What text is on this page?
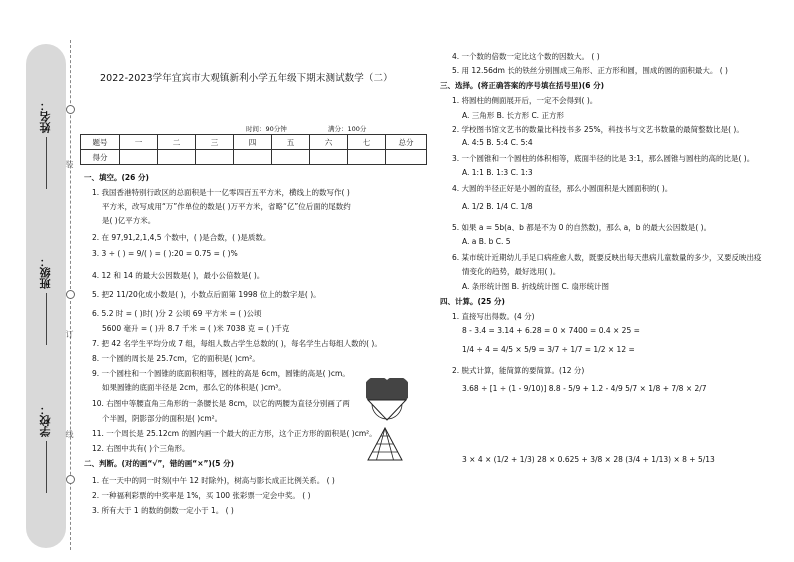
姓名：
班级：
学校：
装
订
线
2022-2023学年宜宾市大观镇新利小学五年级下期末测试数学（二）
时间：90分钟	满分：100分
题号	一	二	三	四	五	六	七	总分
得分								
一、填空。(26 分)
1. 我国香港特别行政区的总面积是十一亿零四百五平方米，横线上的数写作( )
平方米，改写成用“万”作单位的数是( )万平方米，省略“亿”位后面的尾数约
是( )亿平方米。
2. 在 97,91,2,1,4,5 个数中，( )是合数，( )是质数。
3. 3 ÷ ( ) = 9/( ) = ( ):20 = 0.75 = ( )%
4. 12 和 14 的最大公因数是( )，最小公倍数是( )。
5. 把2 11/20化成小数是( )，小数点后面第 1998 位上的数字是( )。
6. 5.2 时 = ( )时( )分 2 公顷 69 平方米 = ( )公顷
5600 毫升 = ( )升 8.7 千米 = ( )米 7038 克 = ( )千克
7. 把 42 名学生平均分成 7 组，每组人数占学生总数的( )，每名学生占每组人数的( )。
8. 一个圆的周长是 25.7cm，它的面积是( )cm²。
9. 一个圆柱和一个圆锥的底面积相等，圆柱的高是 6cm，圆锥的高是( )cm。
如果圆锥的底面半径是 2cm，那么它的体积是( )cm³。
10. 右图中等腰直角三角形的一条腰长是 8cm，以它的两腰为直径分别画了两
个半圆，阴影部分的面积是( )cm²。
11. 一个周长是 25.12cm 的圆内画一个最大的正方形，这个正方形的面积是( )cm²。
12. 右图中共有( )个三角形。
二、判断。(对的画“√”，错的画“×”)(5 分)
1. 在一天中的同一时刻(中午 12 时除外)，树高与影长成正比例关系。 ( )
2. 一种福利彩票的中奖率是 1%，买 100 张彩票一定会中奖。 ( )
3. 所有大于 1 的数的倒数一定小于 1。 ( )
4. 一个数的倍数一定比这个数的因数大。 ( )
5. 用 12.56dm 长的铁丝分别围成三角形、正方形和圆，围成的圆的面积最大。 ( )
三、选择。(将正确答案的序号填在括号里)(6 分)
1. 将圆柱的侧面展开后，一定不会得到( )。
A. 三角形 B. 长方形 C. 正方形
2. 学校图书馆文艺书的数量比科技书多 25%，科技书与文艺书数量的最简整数比是( )。
A. 4:5 B. 5:4 C. 5:4
3. 一个圆锥和一个圆柱的体积相等，底面半径的比是 3:1，那么圆锥与圆柱的高的比是( )。
A. 1:1 B. 1:3 C. 1:3
4. 大圆的半径正好是小圆的直径，那么小圆面积是大圆面积的( )。
A. 1/2 B. 1/4 C. 1/8
5. 如果 a = 5b(a、b 都是不为 0 的自然数)，那么 a，b 的最大公因数是( )。
A. a B. b C. 5
6. 某市统计近期幼儿手足口病痊愈人数，既要反映出每天患病儿童数量的多少，又要反映出疫
情变化的趋势，最好选用( )。
A. 条形统计图 B. 折线统计图 C. 扇形统计图
四、计算。(25 分)
1. 直接写出得数。(4 分)
8 - 3.4 = 3.14 + 6.28 = 0 × 7400 = 0.4 × 25 =
1/4 ÷ 4 = 4/5 × 5/9 = 3/7 ÷ 1/7 = 1/2 × 12 =
2. 脱式计算，能简算的要简算。(12 分)
3.68 ÷ [1 ÷ (1 - 9/10)] 8.8 - 5/9 + 1.2 - 4/9 5/7 × 1/8 + 7/8 × 2/7
3 × 4 × (1/2 + 1/3) 28 × 0.625 + 3/8 × 28 (3/4 + 1/13) × 8 + 5/13
